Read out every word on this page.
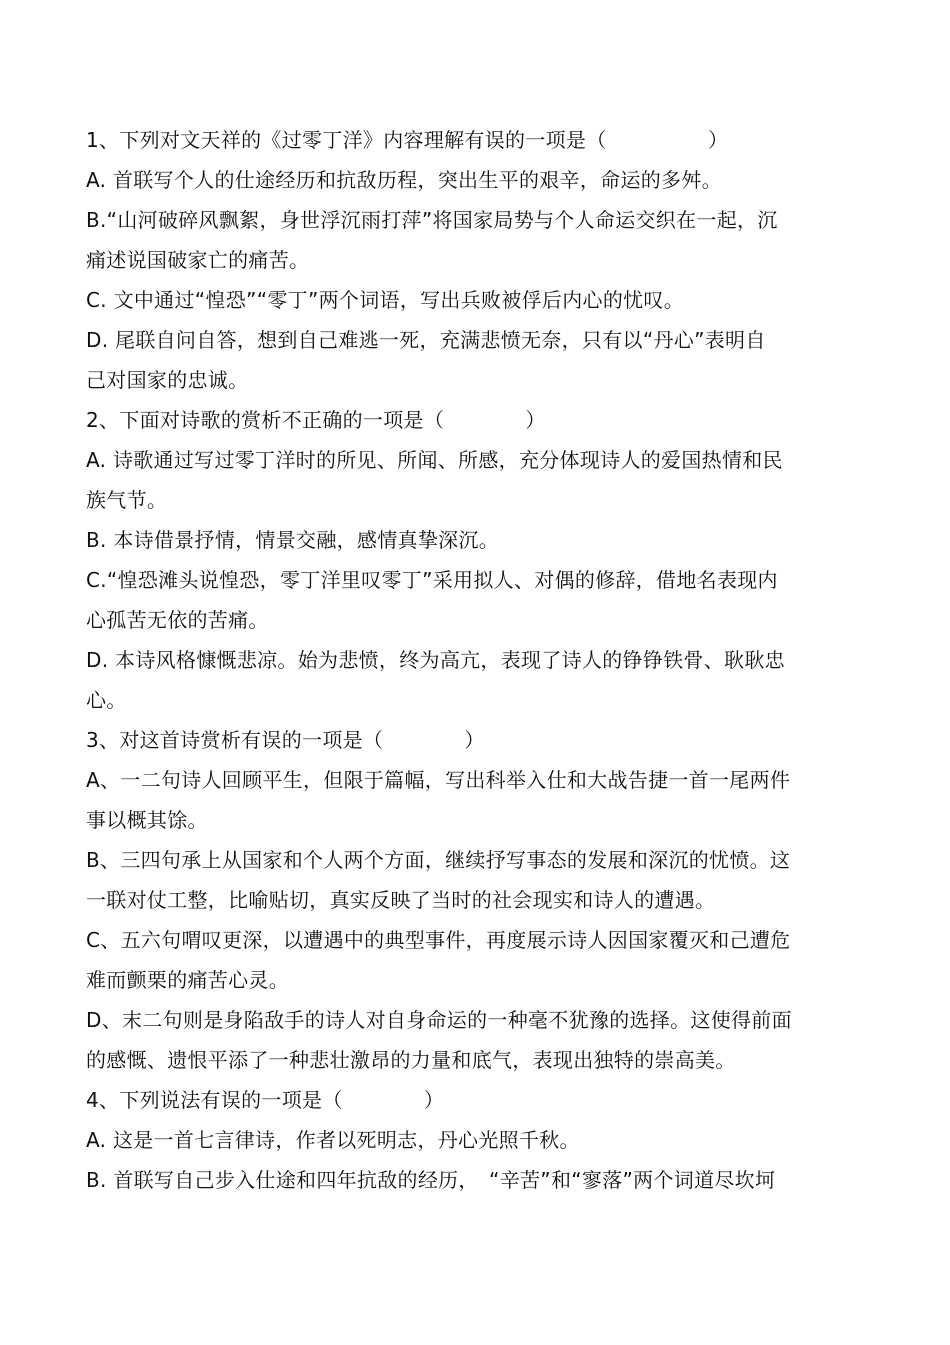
1、下列对文天祥的《过零丁洋》内容理解有误的一项是（　　　　　）
A. 首联写个人的仕途经历和抗敌历程，突出生平的艰辛，命运的多舛。
B.“山河破碎风飘絮，身世浮沉雨打萍”将国家局势与个人命运交织在一起，沉
痛述说国破家亡的痛苦。
C. 文中通过“惶恐”“零丁”两个词语，写出兵败被俘后内心的忧叹。
D. 尾联自问自答，想到自己难逃一死，充满悲愤无奈，只有以“丹心”表明自
己对国家的忠诚。
2、下面对诗歌的赏析不正确的一项是（　　　　）
A. 诗歌通过写过零丁洋时的所见、所闻、所感，充分体现诗人的爱国热情和民
族气节。
B. 本诗借景抒情，情景交融，感情真挚深沉。
C.“惶恐滩头说惶恐，零丁洋里叹零丁”采用拟人、对偶的修辞，借地名表现内
心孤苦无依的苦痛。
D. 本诗风格慷慨悲凉。始为悲愤，终为高亢，表现了诗人的铮铮铁骨、耿耿忠
心。
3、对这首诗赏析有误的一项是（　　　　）
A、一二句诗人回顾平生，但限于篇幅，写出科举入仕和大战告捷一首一尾两件
事以概其馀。
B、三四句承上从国家和个人两个方面，继续抒写事态的发展和深沉的忧愤。这
一联对仗工整，比喻贴切，真实反映了当时的社会现实和诗人的遭遇。
C、五六句喟叹更深，以遭遇中的典型事件，再度展示诗人因国家覆灭和己遭危
难而颤栗的痛苦心灵。
D、末二句则是身陷敌手的诗人对自身命运的一种毫不犹豫的选择。这使得前面
的感慨、遗恨平添了一种悲壮激昂的力量和底气，表现出独特的崇高美。
4、下列说法有误的一项是（　　　　）
A. 这是一首七言律诗，作者以死明志，丹心光照千秋。
B. 首联写自己步入仕途和四年抗敌的经历，　“辛苦”和“寥落”两个词道尽坎坷
